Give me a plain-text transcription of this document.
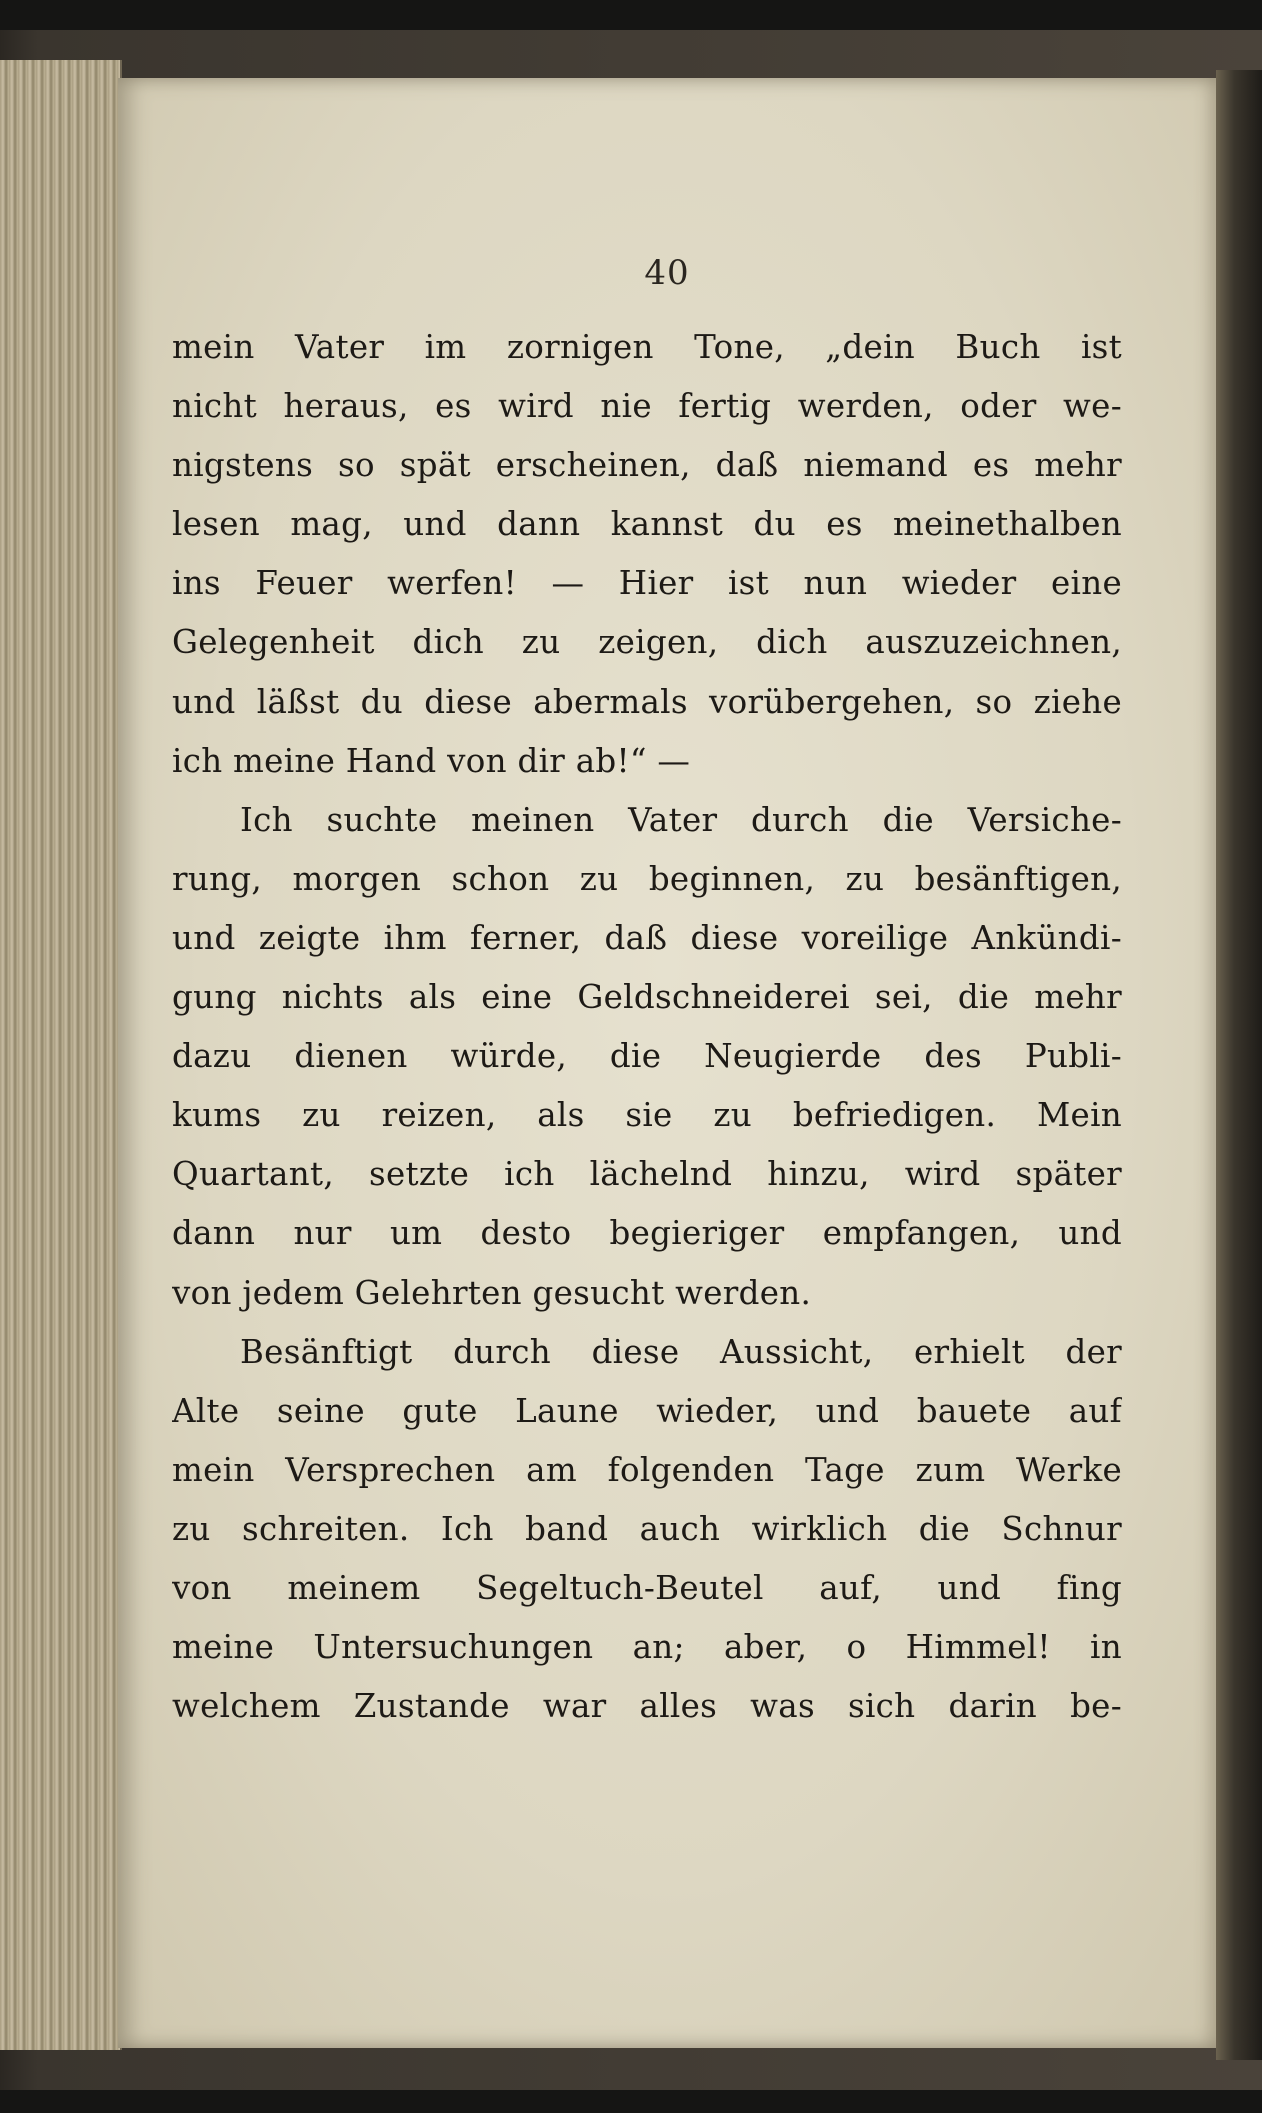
40
mein Vater im zornigen Tone, „dein Buch ist
nicht heraus, es wird nie fertig werden, oder we-
nigstens so spät erscheinen, daß niemand es mehr
lesen mag, und dann kannst du es meinethalben
ins Feuer werfen! — Hier ist nun wieder eine
Gelegenheit dich zu zeigen, dich auszuzeichnen,
und läßst du diese abermals vorübergehen, so ziehe
ich meine Hand von dir ab!“ —
Ich suchte meinen Vater durch die Versiche-
rung, morgen schon zu beginnen, zu besänftigen,
und zeigte ihm ferner, daß diese voreilige Ankündi-
gung nichts als eine Geldschneiderei sei, die mehr
dazu dienen würde, die Neugierde des Publi-
kums zu reizen, als sie zu befriedigen. Mein
Quartant, setzte ich lächelnd hinzu, wird später
dann nur um desto begieriger empfangen, und
von jedem Gelehrten gesucht werden.
Besänftigt durch diese Aussicht, erhielt der
Alte seine gute Laune wieder, und bauete auf
mein Versprechen am folgenden Tage zum Werke
zu schreiten. Ich band auch wirklich die Schnur
von meinem Segeltuch-Beutel auf, und fing
meine Untersuchungen an; aber, o Himmel! in
welchem Zustande war alles was sich darin be-
